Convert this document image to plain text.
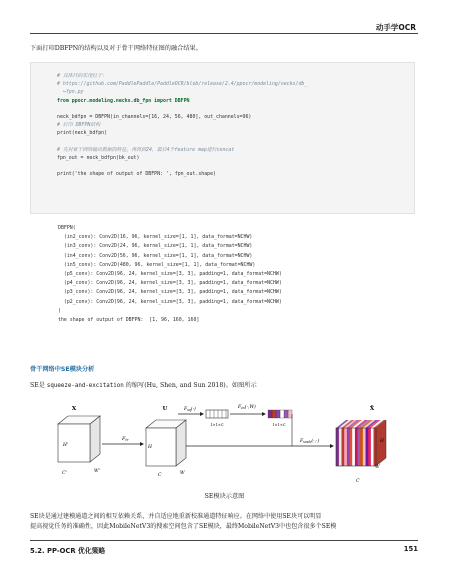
动手学OCR
下面打印DBFPN的结构以及对于骨干网络特征图的融合结果。
# 具体代码实现位于：
# https://github.com/PaddlePaddle/PaddleOCR/blob/release/2.4/ppocr/modeling/necks/db_
↪fpn.py
from ppocr.modeling.necks.db_fpn import DBFPN
neck_bdfpn = DBFPN(in_channels=[16, 24, 56, 480], out_channels=96)
# 打印 DBFPN结构
print(neck_bdfpn)
# 先对骨干网络输出数据的特征，再将到24，最后4个feature map进行concat
fpn_out = neck_bdfpn(bk_out)
print('the shape of output of DBFPN: ', fpn_out.shape)
DBFPN(
(in2_conv): Conv2D(16, 96, kernel_size=[1, 1], data_format=NCHW)
(in3_conv): Conv2D(24, 96, kernel_size=[1, 1], data_format=NCHW)
(in4_conv): Conv2D(56, 96, kernel_size=[1, 1], data_format=NCHW)
(in5_conv): Conv2D(480, 96, kernel_size=[1, 1], data_format=NCHW)
(p5_conv): Conv2D(96, 24, kernel_size=[3, 3], padding=1, data_format=NCHW)
(p4_conv): Conv2D(96, 24, kernel_size=[3, 3], padding=1, data_format=NCHW)
(p3_conv): Conv2D(96, 24, kernel_size=[3, 3], padding=1, data_format=NCHW)
(p2_conv): Conv2D(96, 24, kernel_size=[3, 3], padding=1, data_format=NCHW)
)
the shape of output of DBFPN:  [1, 96, 160, 160]
骨干网络中SE模块分析
SE是 squeeze-and-excitation 的缩写(Hu, Shen, and Sun 2018)。如图所示
X
H'
W'
C'
$F_{tr}$
U
H
W
C
$F_{sq}(\cdot)$
1×1×C
$F_{ex}(\cdot,W)$
1×1×C
$F_{scale}(\cdot,\cdot)$
X̃
H
W
C
SE模块示意图
SE块是通过建模通道之间的相互依赖关系，并自适应地重新校准通道特征响应。在网络中使用SE块可以明显
提高视觉任务的准确性，因此MobileNetV3的搜索空间包含了SE模块，最终MobileNetV3中也包含很多个SE模
5.2. PP-OCR 优化策略	151
